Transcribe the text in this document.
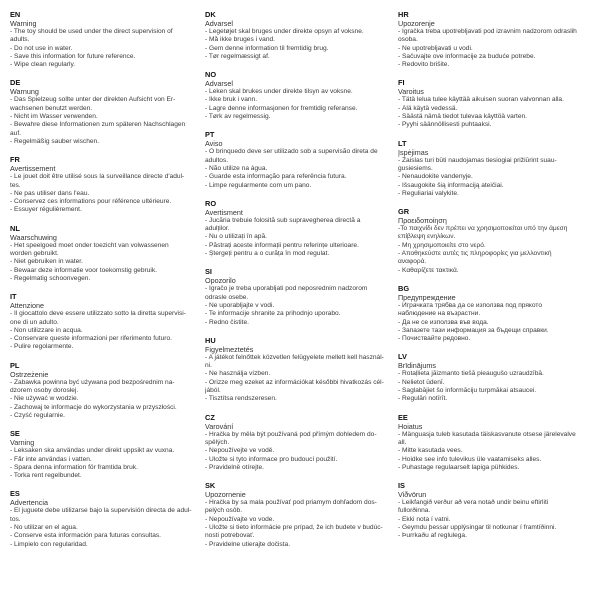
EN
Warning
- The toy should be used under the direct supervision of
adults.
- Do not use in water.
- Save this information for future reference.
- Wipe clean regularly.
DE
Warnung
- Das Spielzeug sollte unter der direkten Aufsicht von Er-
wachsenen benutzt werden.
- Nicht im Wasser verwenden.
- Bewahre diese Informationen zum späteren Nachschlagen
auf.
- Regelmäßig sauber wischen.
FR
Avertissement
- Le jouet doit être utilisé sous la surveillance directe d'adul-
tes.
- Ne pas utiliser dans l'eau.
- Conservez ces informations pour référence ultérieure.
- Essuyer régulièrement.
NL
Waarschuwing
- Het speelgoed moet onder toezicht van volwassenen
worden gebruikt.
- Niet gebruiken in water.
- Bewaar deze informatie voor toekomstig gebruik.
- Regelmatig schoonvegen.
IT
Attenzione
- Il giocattolo deve essere utilizzato sotto la diretta supervisi-
one di un adulto.
- Non utilizzare in acqua.
- Conservare queste informazioni per riferimento futuro.
- Pulire regolarmente.
PL
Ostrzeżenie
- Zabawka powinna być używana pod bezpośrednim na-
dzorem osoby dorosłej.
- Nie używać w wodzie.
- Zachowaj te informacje do wykorzystania w przyszłości.
- Czyść regularnie.
SE
Varning
- Leksaken ska användas under direkt uppsikt av vuxna.
- Får inte användas i vatten.
- Spara denna information för framtida bruk.
- Torka rent regelbundet.
ES
Advertencia
- El juguete debe utilizarse bajo la supervisión directa de adul-
tos.
- No utilizar en el agua.
- Conserve esta información para futuras consultas.
- Limpielo con regularidad.
DK
Advarsel
- Legetøjet skal bruges under direkte opsyn af voksne.
- Må ikke bruges i vand.
- Gem denne information til fremtidig brug.
- Tør regelmæssigt af.
NO
Advarsel
- Leken skal brukes under direkte tilsyn av voksne.
- Ikke bruk i vann.
- Lagre denne informasjonen for fremtidig referanse.
- Tørk av regelmessig.
PT
Aviso
- O brinquedo deve ser utilizado sob a supervisão direta de
adultos.
- Não utilize na água.
- Guarde esta informação para referência futura.
- Limpe regularmente com um pano.
RO
Avertisment
- Jucăria trebuie folosită sub supravegherea directă a
adulților.
- Nu o utilizați în apă.
- Păstrați aceste informații pentru referințe ulterioare.
- Ștergeți pentru a o curăța în mod regulat.
SI
Opozorilo
- Igračo je treba uporabljati pod neposrednim nadzorom
odrasle osebe.
- Ne uporabljajte v vodi.
- Te informacije shranite za prihodnjo uporabo.
- Redno čistite.
HU
Figyelmeztetés
- A játékot felnőttek közvetlen felügyelete mellett kell használ-
ni.
- Ne használja vízben.
- Őrizze meg ezeket az információkat későbbi hivatkozás cél-
jából.
- Tisztítsa rendszeresen.
CZ
Varování
- Hračka by měla být používaná pod přímým dohledem do-
spělých.
- Nepoužívejte ve vodě.
- Uložte si tyto informace pro budoucí použití.
- Pravidelně otírejte.
SK
Upozornenie
- Hračka by sa mala používať pod priamym dohľadom dos-
pelých osôb.
- Nepoužívajte vo vode.
- Uložte si tieto informácie pre prípad, že ich budete v budúc-
nosti potrebovať.
- Pravidelne utierajte dočista.
HR
Upozorenje
- Igračka treba upotrebljavati pod izravnim nadzorom odraslih
osoba.
- Ne upotrebljavati u vodi.
- Sačuvajte ove informacije za buduće potrebe.
- Redovito brišite.
FI
Varoitus
- Tätä lelua tulee käyttää aikuisen suoran valvonnan alla.
- Älä käytä vedessä.
- Säästä nämä tiedot tulevaa käyttöä varten.
- Pyyhi säännöllisesti puhtaaksi.
LT
Įspėjimas
- Žaislas turi būti naudojamas tiesiogiai prižiūrint suau-
gusiesiems.
- Nenaudokite vandenyje.
- Išsaugokite šią informaciją ateičiai.
- Reguliariai valykite.
GR
Προειδοποίηση
-Το παιχνίδι δεν πρέπει να χρησιμοποιείται υπό την άμεση
επίβλεψη ενηλίκων.
- Μη χρησιμοποιείτε στο νερό.
- Αποθηκεύστε αυτές τις πληροφορίες για μελλοντική
αναφορά.
- Καθαρίζετε τακτικά.
BG
Предупреждение
- Играчката трябва да се използва под прякото
наблюдение на възрастни.
- Да не се използва във вода.
- Запазете тази информация за бъдещи справки.
- Почиствайте редовно.
LV
Brīdinājums
- Rotaļlieta jāizmanto tiešā pieaugušo uzraudzībā.
- Nelietot ūdenī.
- Saglabājiet šo informāciju turpmākai atsaucei.
- Regulāri notīrīt.
EE
Hoiatus
- Mänguasja tuleb kasutada täiskasvanute otsese järelevalve
all.
- Mitte kasutada vees.
- Hoidke see info tulevikus üle vaatamiseks alles.
- Puhastage regulaarselt lapiga pühkides.
IS
Viðvörun
- Leikfangið verður að vera notað undir beinu eftirliti
fullorðinna.
- Ekki nota í vatni.
- Geymdu þessar upplýsingar til notkunar í framtíðinni.
- Þurrkaðu af reglulega.
